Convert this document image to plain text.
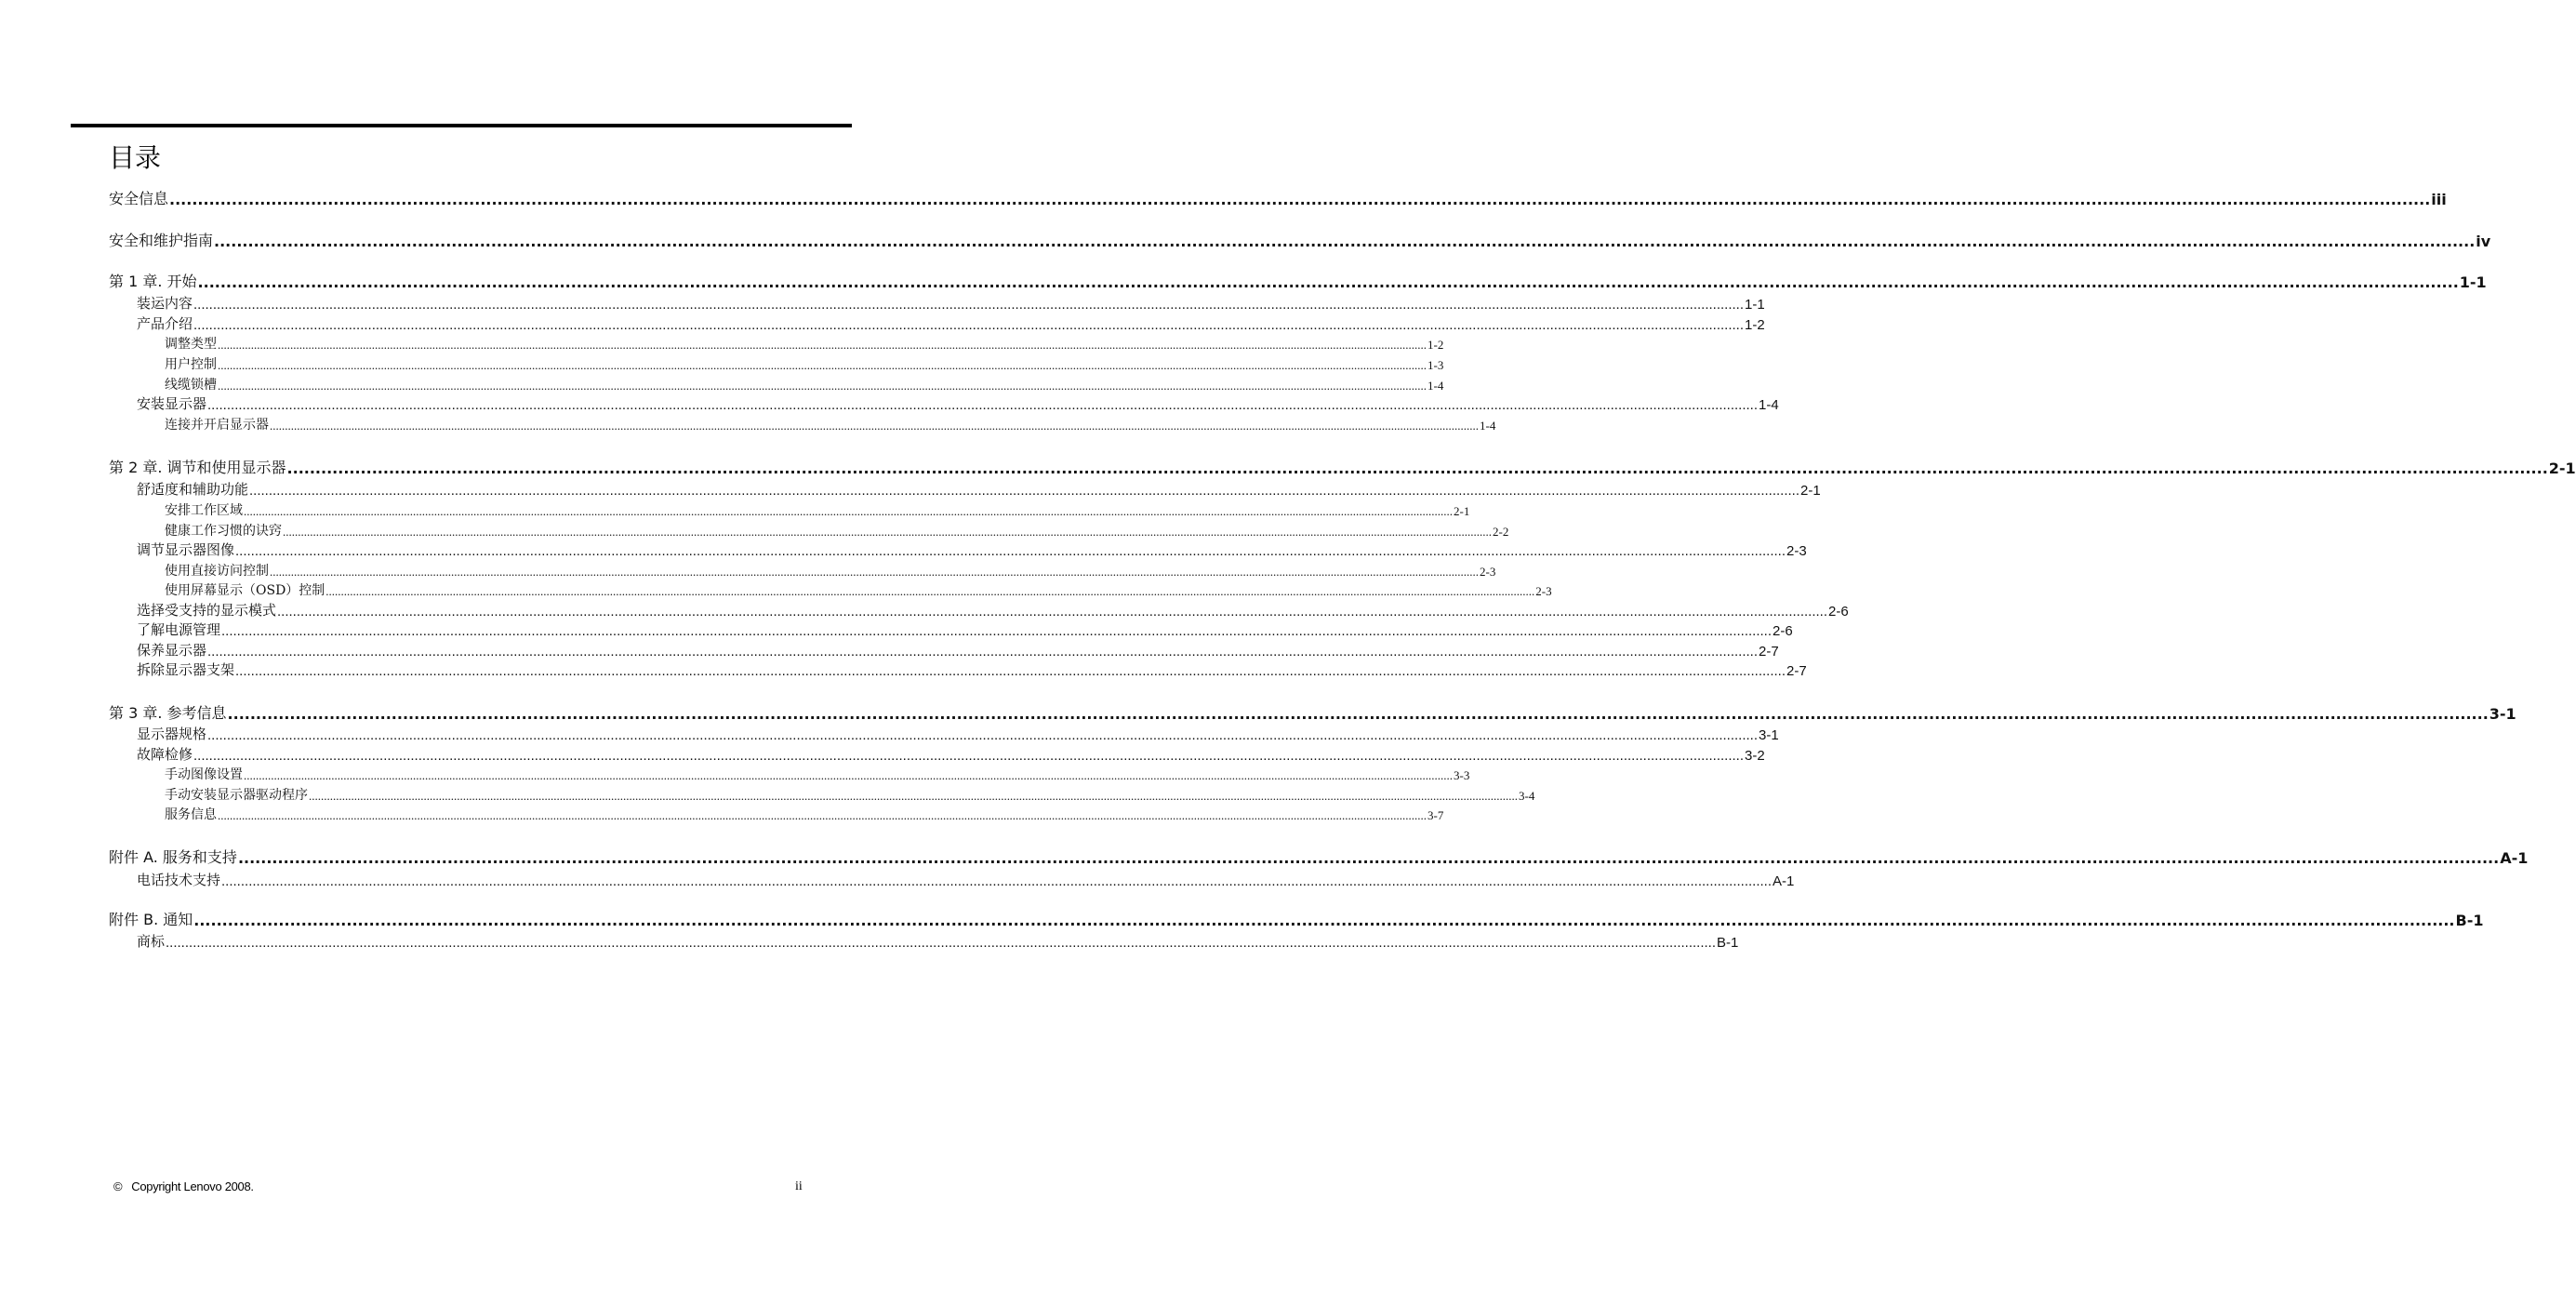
目录
安全信息 ................................................................................................................................................................................................................................................................................................................................................................................................................ iii
安全和维护指南 ................................................................................................................................................................................................................................................................................................................................................................................................................ iv
第 1 章. 开始 ................................................................................................................................................................................................................................................................................................................................................................................................................ 1-1
装运内容 ................................................................................................................................................................................................................................................................................................................................................................................................................ 1-1
产品介绍 ................................................................................................................................................................................................................................................................................................................................................................................................................ 1-2
调整类型 ................................................................................................................................................................................................................................................................................................................................................................................................................ 1-2
用户控制 ................................................................................................................................................................................................................................................................................................................................................................................................................ 1-3
线缆锁槽 ................................................................................................................................................................................................................................................................................................................................................................................................................ 1-4
安装显示器 ................................................................................................................................................................................................................................................................................................................................................................................................................ 1-4
连接并开启显示器 ................................................................................................................................................................................................................................................................................................................................................................................................................ 1-4
第 2 章. 调节和使用显示器 ................................................................................................................................................................................................................................................................................................................................................................................................................ 2-1
舒适度和辅助功能 ................................................................................................................................................................................................................................................................................................................................................................................................................ 2-1
安排工作区域 ................................................................................................................................................................................................................................................................................................................................................................................................................ 2-1
健康工作习惯的诀窍 ................................................................................................................................................................................................................................................................................................................................................................................................................ 2-2
调节显示器图像 ................................................................................................................................................................................................................................................................................................................................................................................................................ 2-3
使用直接访问控制 ................................................................................................................................................................................................................................................................................................................................................................................................................ 2-3
使用屏幕显示（OSD）控制 ................................................................................................................................................................................................................................................................................................................................................................................................................ 2-3
选择受支持的显示模式 ................................................................................................................................................................................................................................................................................................................................................................................................................ 2-6
了解电源管理 ................................................................................................................................................................................................................................................................................................................................................................................................................ 2-6
保养显示器 ................................................................................................................................................................................................................................................................................................................................................................................................................ 2-7
拆除显示器支架 ................................................................................................................................................................................................................................................................................................................................................................................................................ 2-7
第 3 章. 参考信息 ................................................................................................................................................................................................................................................................................................................................................................................................................ 3-1
显示器规格 ................................................................................................................................................................................................................................................................................................................................................................................................................ 3-1
故障检修 ................................................................................................................................................................................................................................................................................................................................................................................................................ 3-2
手动图像设置 ................................................................................................................................................................................................................................................................................................................................................................................................................ 3-3
手动安装显示器驱动程序 ................................................................................................................................................................................................................................................................................................................................................................................................................ 3-4
服务信息 ................................................................................................................................................................................................................................................................................................................................................................................................................ 3-7
附件 A. 服务和支持 ................................................................................................................................................................................................................................................................................................................................................................................................................ A-1
电话技术支持 ................................................................................................................................................................................................................................................................................................................................................................................................................ A-1
附件 B. 通知 ................................................................................................................................................................................................................................................................................................................................................................................................................ B-1
商标 ................................................................................................................................................................................................................................................................................................................................................................................................................ B-1
© Copyright Lenovo 2008.	ii
